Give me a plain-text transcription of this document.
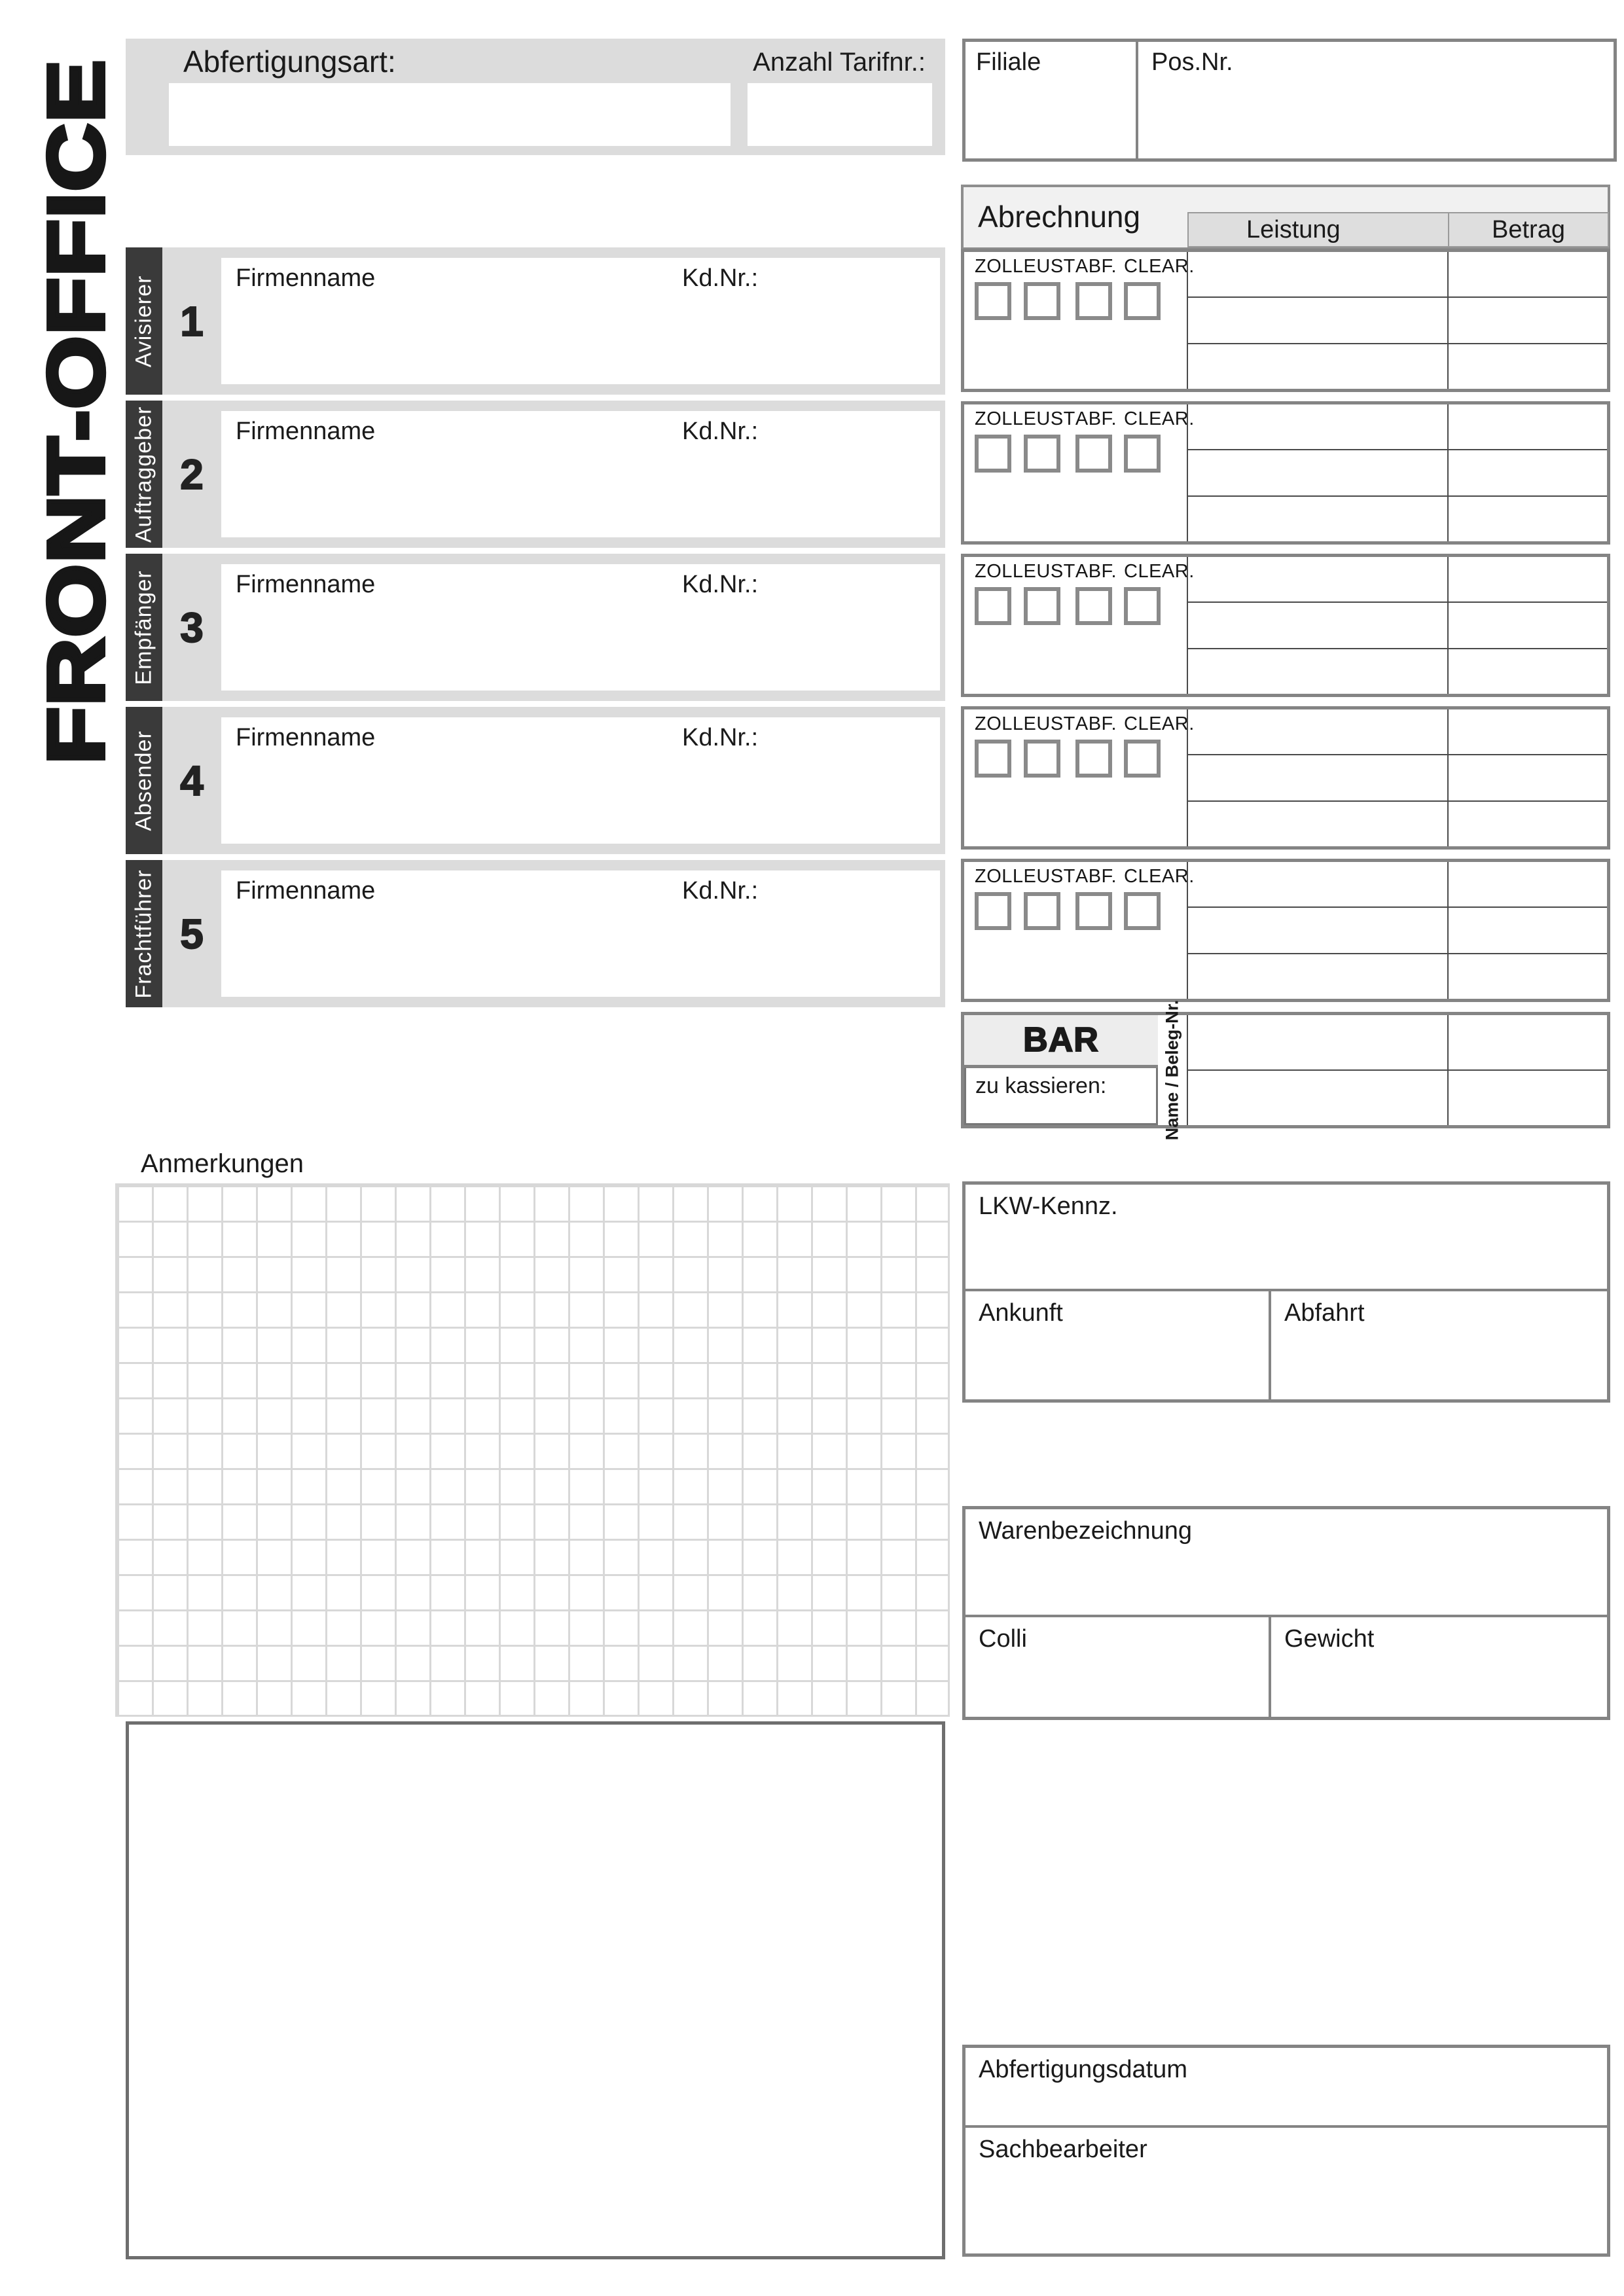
FRONT-OFFICE Abfertigungsart:	Anzahl Tarifnr.:	Filiale	Pos.Nr.
Abrechnung	Leistung	Betrag
ZOLL EUST ABF. CLEAR.
ZOLL EUST ABF. CLEAR.
ZOLL EUST ABF. CLEAR.
ZOLL EUST ABF. CLEAR.
ZOLL EUST ABF. CLEAR.
BAR
zu kassieren:	Name / Beleg-Nr.
Avisierer 1
Firmenname	Kd.Nr.:
Auftraggeber 2
Firmenname	Kd.Nr.:
Empfänger 3
Firmenname	Kd.Nr.:
Absender 4
Firmenname	Kd.Nr.:
Frachtführer 5
Firmenname	Kd.Nr.:
Anmerkungen
LKW-Kennz.
Ankunft	Abfahrt
Warenbezeichnung
Colli	Gewicht
Abfertigungsdatum
Sachbearbeiter
